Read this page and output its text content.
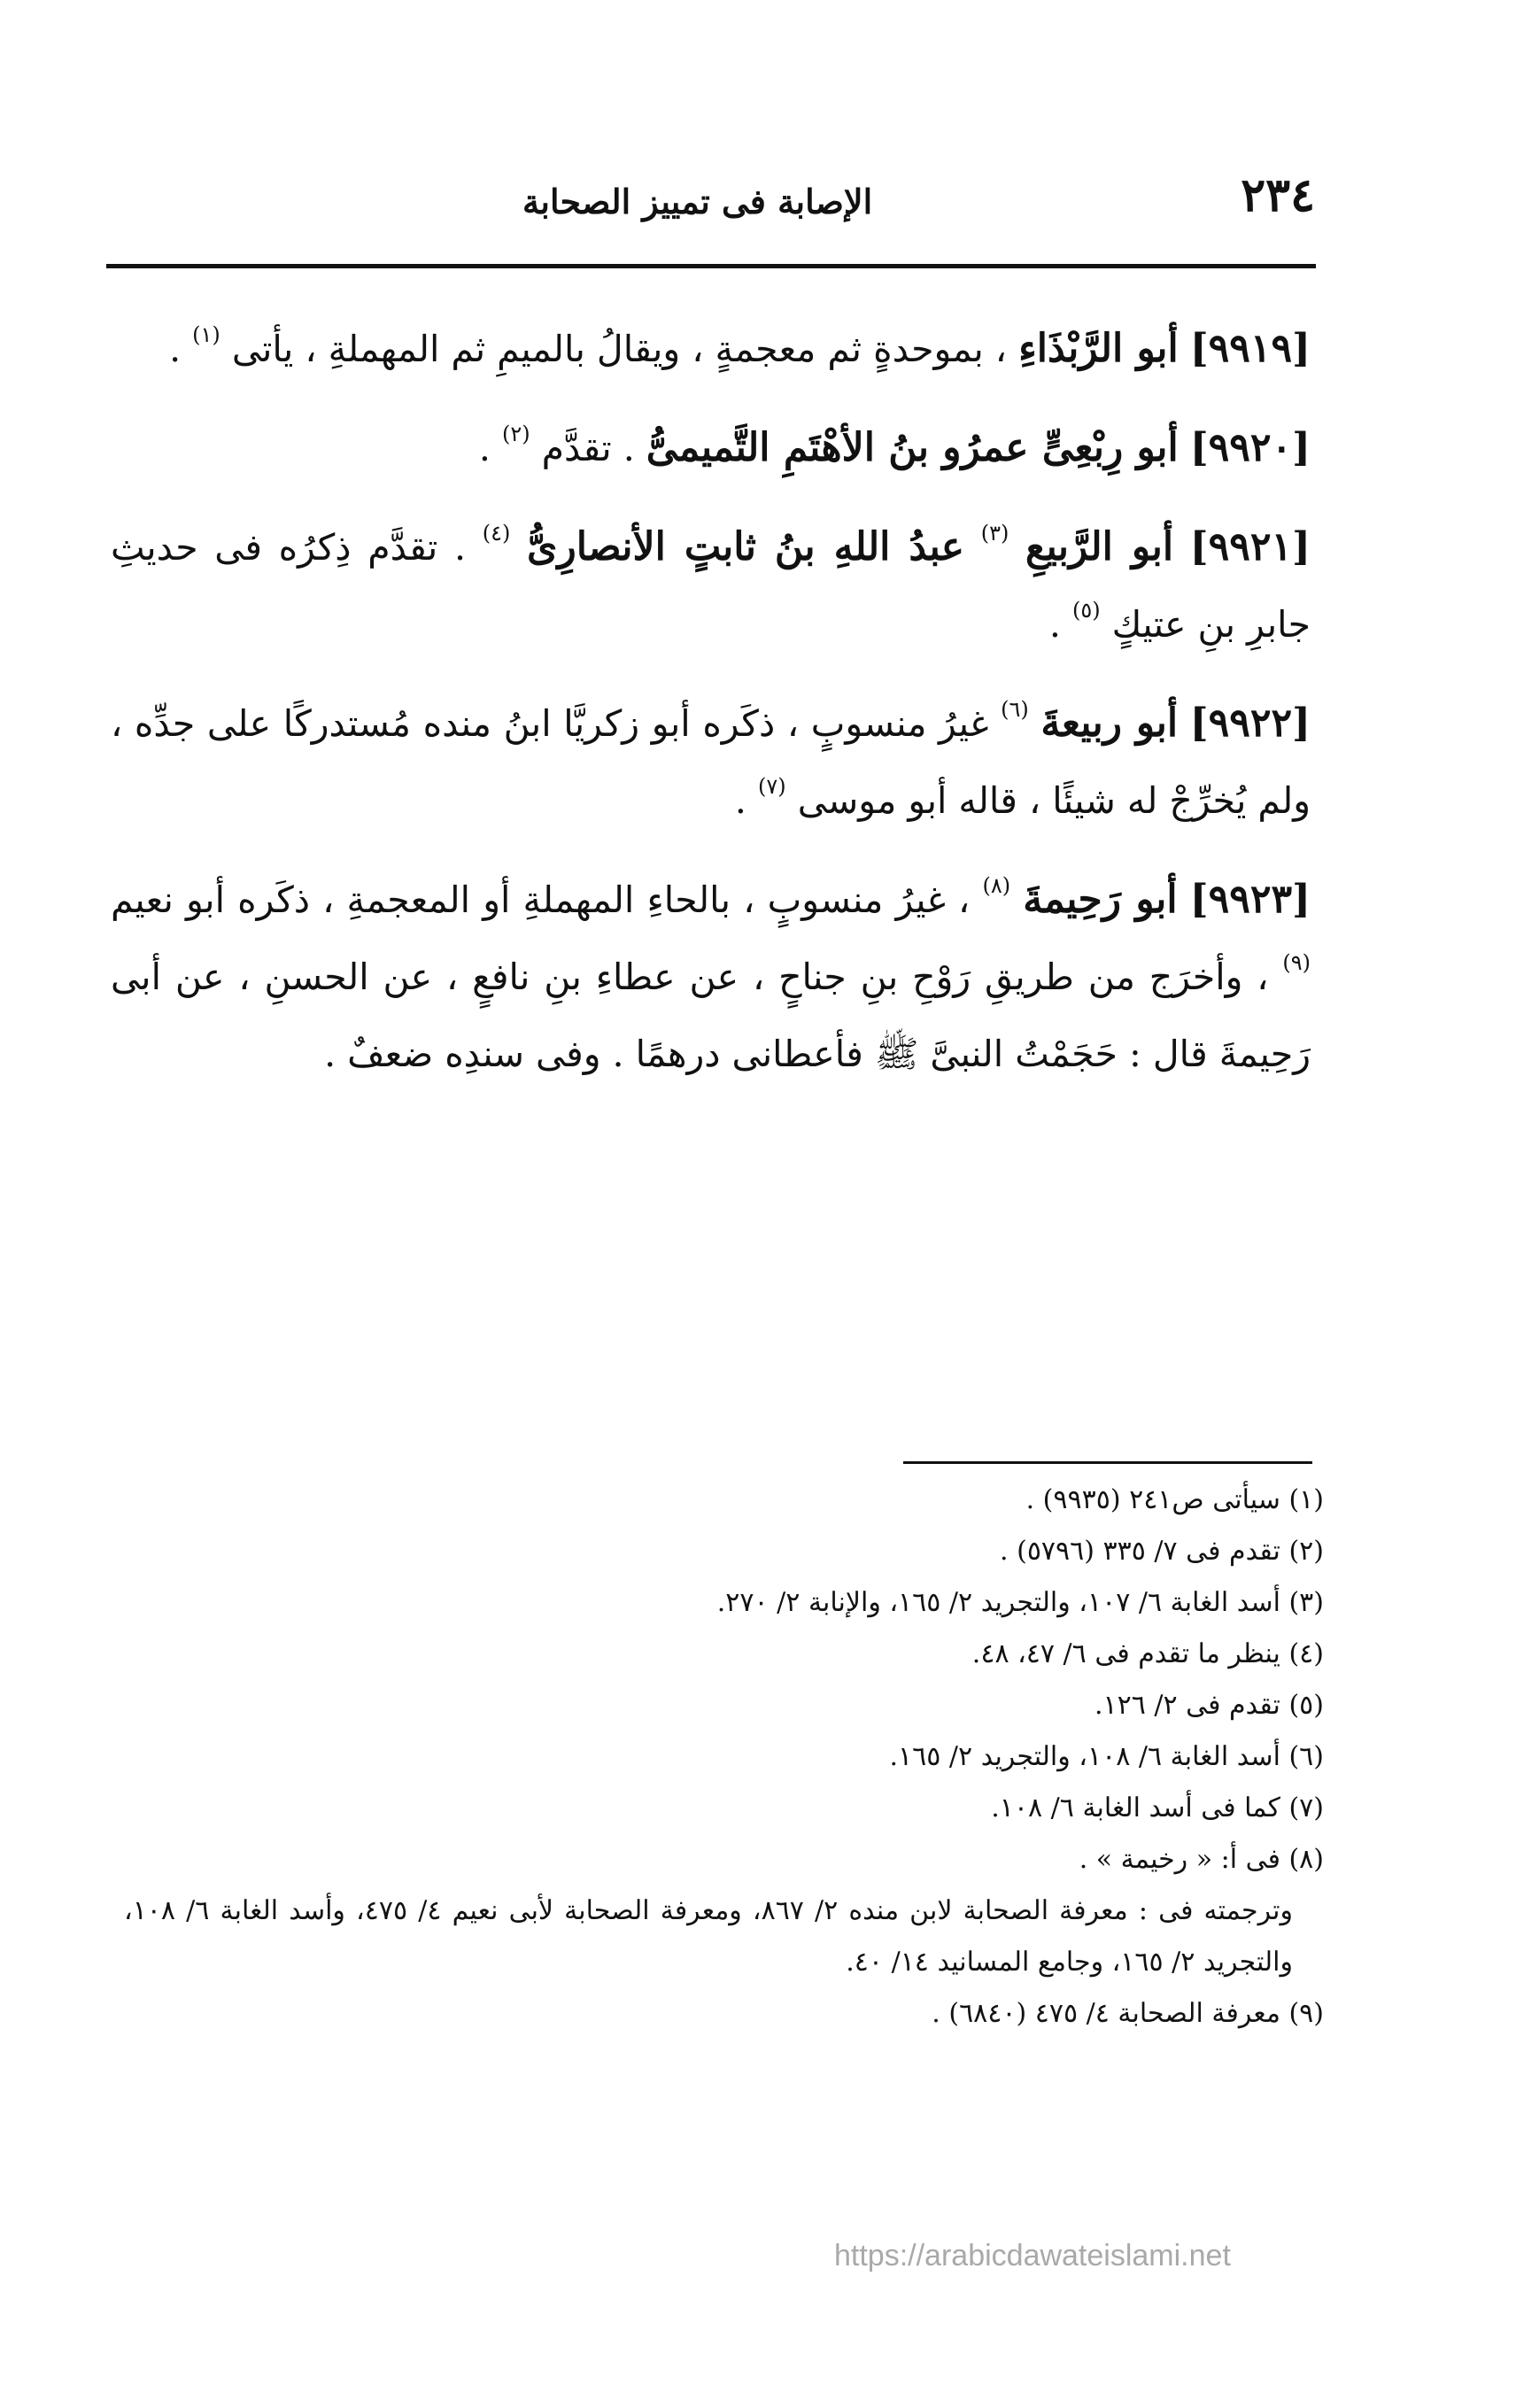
٢٣٤
الإصابة فى تمييز الصحابة

[٩٩١٩] أبو الرَّبْذَاءِ ، بموحدةٍ ثم معجمةٍ ، ويقالُ بالميمِ ثم المهملةِ ، يأتى $^{(١)}$ .

[٩٩٢٠] أبو رِبْعِىٍّ عمرُو بنُ الأهْتَمِ التَّميمىُّ . تقدَّم $^{(٢)}$ .

[٩٩٢١] أبو الرَّبيعِ $^{(٣)}$ عبدُ اللهِ بنُ ثابتٍ الأنصارِىُّ $^{(٤)}$ . تقدَّم ذِكرُه فى حديثِ جابرِ بنِ عتيكٍ $^{(٥)}$ .

[٩٩٢٢] أبو ربيعةَ $^{(٦)}$ غيرُ منسوبٍ ، ذكَره أبو زكريَّا ابنُ منده مُستدركًا على جدِّه ، ولم يُخرِّجْ له شيئًا ، قاله أبو موسى $^{(٧)}$ .

[٩٩٢٣] أبو رَحِيمةَ $^{(٨)}$ ، غيرُ منسوبٍ ، بالحاءِ المهملةِ أو المعجمةِ ، ذكَره أبو نعيم $^{(٩)}$ ، وأخرَج من طريقِ رَوْحِ بنِ جناحٍ ، عن عطاءِ بنِ نافعٍ ، عن الحسنِ ، عن أبى رَحِيمةَ قال : حَجَمْتُ النبىَّ ﷺ فأعطانى درهمًا . وفى سندِه ضعفٌ .

(١) سيأتى ص٢٤١ (٩٩٣٥) .

(٢) تقدم فى ٧/ ٣٣٥ (٥٧٩٦) .

(٣) أسد الغابة ٦/ ١٠٧، والتجريد ٢/ ١٦٥، والإنابة ٢/ ٢٧٠.

(٤) ينظر ما تقدم فى ٦/ ٤٧، ٤٨.

(٥) تقدم فى ٢/ ١٢٦.

(٦) أسد الغابة ٦/ ١٠٨، والتجريد ٢/ ١٦٥.

(٧) كما فى أسد الغابة ٦/ ١٠٨.

(٨) فى أ: « رخيمة » .

وترجمته فى : معرفة الصحابة لابن منده ٢/ ٨٦٧، ومعرفة الصحابة لأبى نعيم ٤/ ٤٧٥، وأسد الغابة ٦/ ١٠٨، والتجريد ٢/ ١٦٥، وجامع المسانيد ١٤/ ٤٠.

(٩) معرفة الصحابة ٤/ ٤٧٥ (٦٨٤٠) .

https://arabicdawateislami.net
